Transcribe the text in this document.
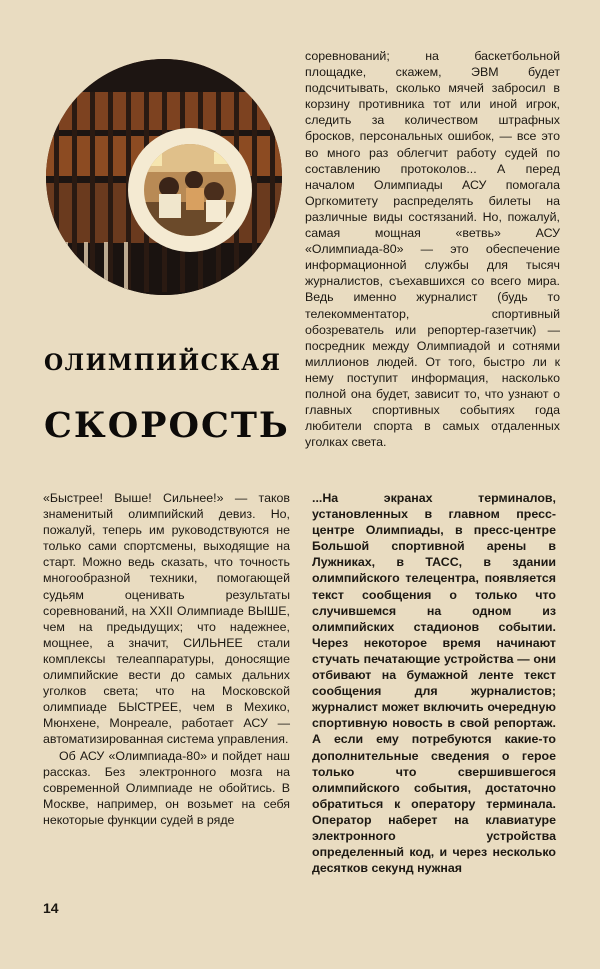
соревнований; на баскетбольной площадке, скажем, ЭВМ будет подсчитывать, сколько мячей забросил в корзину противника тот или иной игрок, следить за количеством штрафных бросков, персональных ошибок, — все это во много раз облегчит работу судей по составлению протоколов... А перед началом Олимпиады АСУ помогала Оргкомитету распределять билеты на различные виды состязаний. Но, пожалуй, самая мощная «ветвь» АСУ «Олимпиада-80» — это обеспечение информационной службы для тысяч журналистов, съехавшихся со всего мира. Ведь именно журналист (будь то телекомментатор, спортивный обозреватель или репортер-газетчик) — посредник между Олимпиадой и сотнями миллионов людей. От того, быстро ли к нему поступит информация, насколько полной она будет, зависит то, что узнают о главных спортивных событиях года любители спорта в самых отдаленных уголках света.

ОЛИМПИЙСКАЯ
СКОРОСТЬ

«Быстрее! Выше! Сильнее!» — таков знаменитый олимпийский девиз. Но, пожалуй, теперь им руководствуются не только сами спортсмены, выходящие на старт. Можно ведь сказать, что точность многообразной техники, помогающей судьям оценивать результаты соревнований, на XXII Олимпиаде ВЫШЕ, чем на предыдущих; что надежнее, мощнее, а значит, СИЛЬНЕЕ стали комплексы телеаппаратуры, доносящие олимпийские вести до самых дальних уголков света; что на Московской олимпиаде БЫСТРЕЕ, чем в Мехико, Мюнхене, Монреале, работает АСУ — автоматизированная система управления.

Об АСУ «Олимпиада-80» и пойдет наш рассказ. Без электронного мозга на современной Олимпиаде не обойтись. В Москве, например, он возьмет на себя некоторые функции судей в ряде

...На экранах терминалов, установленных в главном пресс-центре Олимпиады, в пресс-центре Большой спортивной арены в Лужниках, в ТАСС, в здании олимпийского телецентра, появляется текст сообщения о только что случившемся на одном из олимпийских стадионов событии. Через некоторое время начинают стучать печатающие устройства — они отбивают на бумажной ленте текст сообщения для журналистов; журналист может включить очередную спортивную новость в свой репортаж. А если ему потребуются какие-то дополнительные сведения о герое только что свершившегося олимпийского события, достаточно обратиться к оператору терминала. Оператор наберет на клавиатуре электронного устройства определенный код, и через несколько десятков секунд нужная

14
